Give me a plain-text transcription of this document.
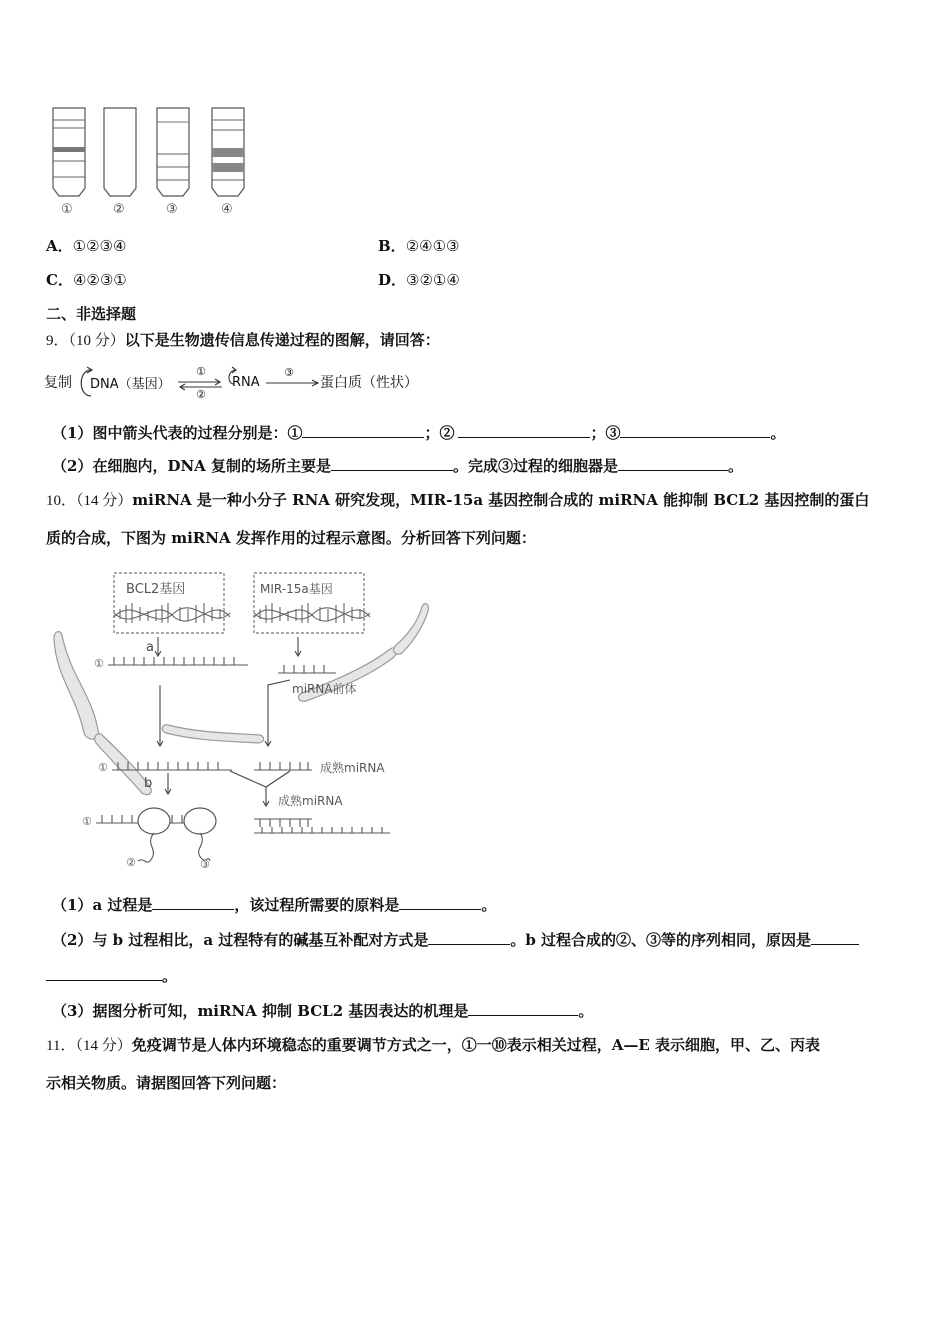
①	②	③	④
A．①②③④	B．②④①③
C．④②③①	D．③②①④
二、非选择题
9．（10 分）以下是生物遗传信息传递过程的图解，请回答：
复制 DNA（基因）
①
②
RNA
③
蛋白质（性状）
（1）图中箭头代表的过程分别是：①	；②	；③	。
（2）在细胞内，DNA 复制的场所主要是	。完成③过程的细胞器是	。
10．（14 分）miRNA 是一种小分子 RNA 研究发现，MIR-15a 基因控制合成的 miRNA 能抑制 BCL2 基因控制的蛋白
质的合成，下图为 miRNA 发挥作用的过程示意图。分析回答下列问题：
BCL2基因	MIR-15a基因
a
b
①
miRNA前体
①	成熟miRNA
成熟miRNA
①
②	③
（1）a 过程是	，该过程所需要的原料是	。
（2）与 b 过程相比，a 过程特有的碱基互补配对方式是	。b 过程合成的②、③等的序列相同，原因是
。
（3）据图分析可知，miRNA 抑制 BCL2 基因表达的机理是	。
11．（14 分）免疫调节是人体内环境稳态的重要调节方式之一，①一⑩表示相关过程，A—E 表示细胞，甲、乙、丙表
示相关物质。请据图回答下列问题：
